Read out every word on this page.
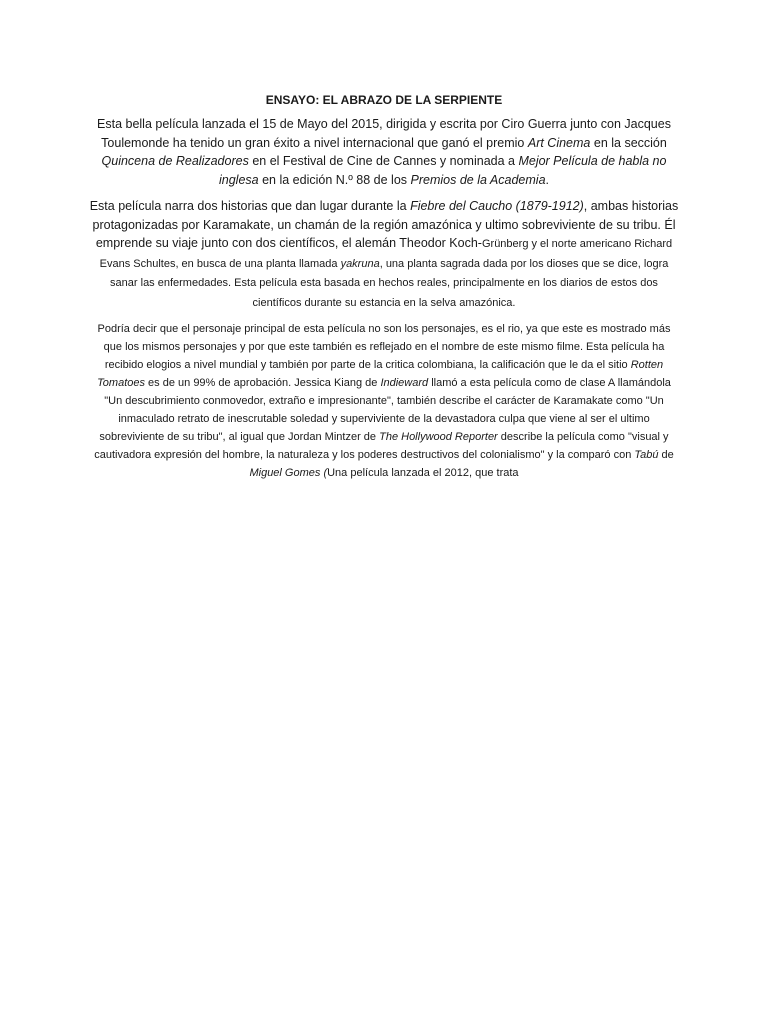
ENSAYO: EL ABRAZO DE LA SERPIENTE

Esta bella película lanzada el 15 de Mayo del 2015, dirigida y escrita por Ciro Guerra junto con Jacques Toulemonde ha tenido un gran éxito a nivel internacional que ganó el premio Art Cinema en la sección Quincena de Realizadores en el Festival de Cine de Cannes y nominada a Mejor Película de habla no inglesa en la edición N.º 88 de los Premios de la Academia.

Esta película narra dos historias que dan lugar durante la Fiebre del Caucho (1879-1912), ambas historias protagonizadas por Karamakate, un chamán de la región amazónica y ultimo sobreviviente de su tribu. Él emprende su viaje junto con dos científicos, el alemán Theodor Koch-Grünberg y el norte americano Richard Evans Schultes, en busca de una planta llamada yakruna, una planta sagrada dada por los dioses que se dice, logra sanar las enfermedades. Esta película esta basada en hechos reales, principalmente en los diarios de estos dos científicos durante su estancia en la selva amazónica.

Podría decir que el personaje principal de esta película no son los personajes, es el rio, ya que este es mostrado más que los mismos personajes y por que este también es reflejado en el nombre de este mismo filme. Esta película ha recibido elogios a nivel mundial y también por parte de la critica colombiana, la calificación que le da el sitio Rotten Tomatoes es de un 99% de aprobación. Jessica Kiang de Indieward llamó a esta película como de clase A llamándola "Un descubrimiento conmovedor, extraño e impresionante", también describe el carácter de Karamakate como "Un inmaculado retrato de inescrutable soledad y superviviente de la devastadora culpa que viene al ser el ultimo sobreviviente de su tribu", al igual que Jordan Mintzer de The Hollywood Reporter describe la película como "visual y cautivadora expresión del hombre, la naturaleza y los poderes destructivos del colonialismo" y la comparó con Tabú de Miguel Gomes (Una película lanzada el 2012, que trata
